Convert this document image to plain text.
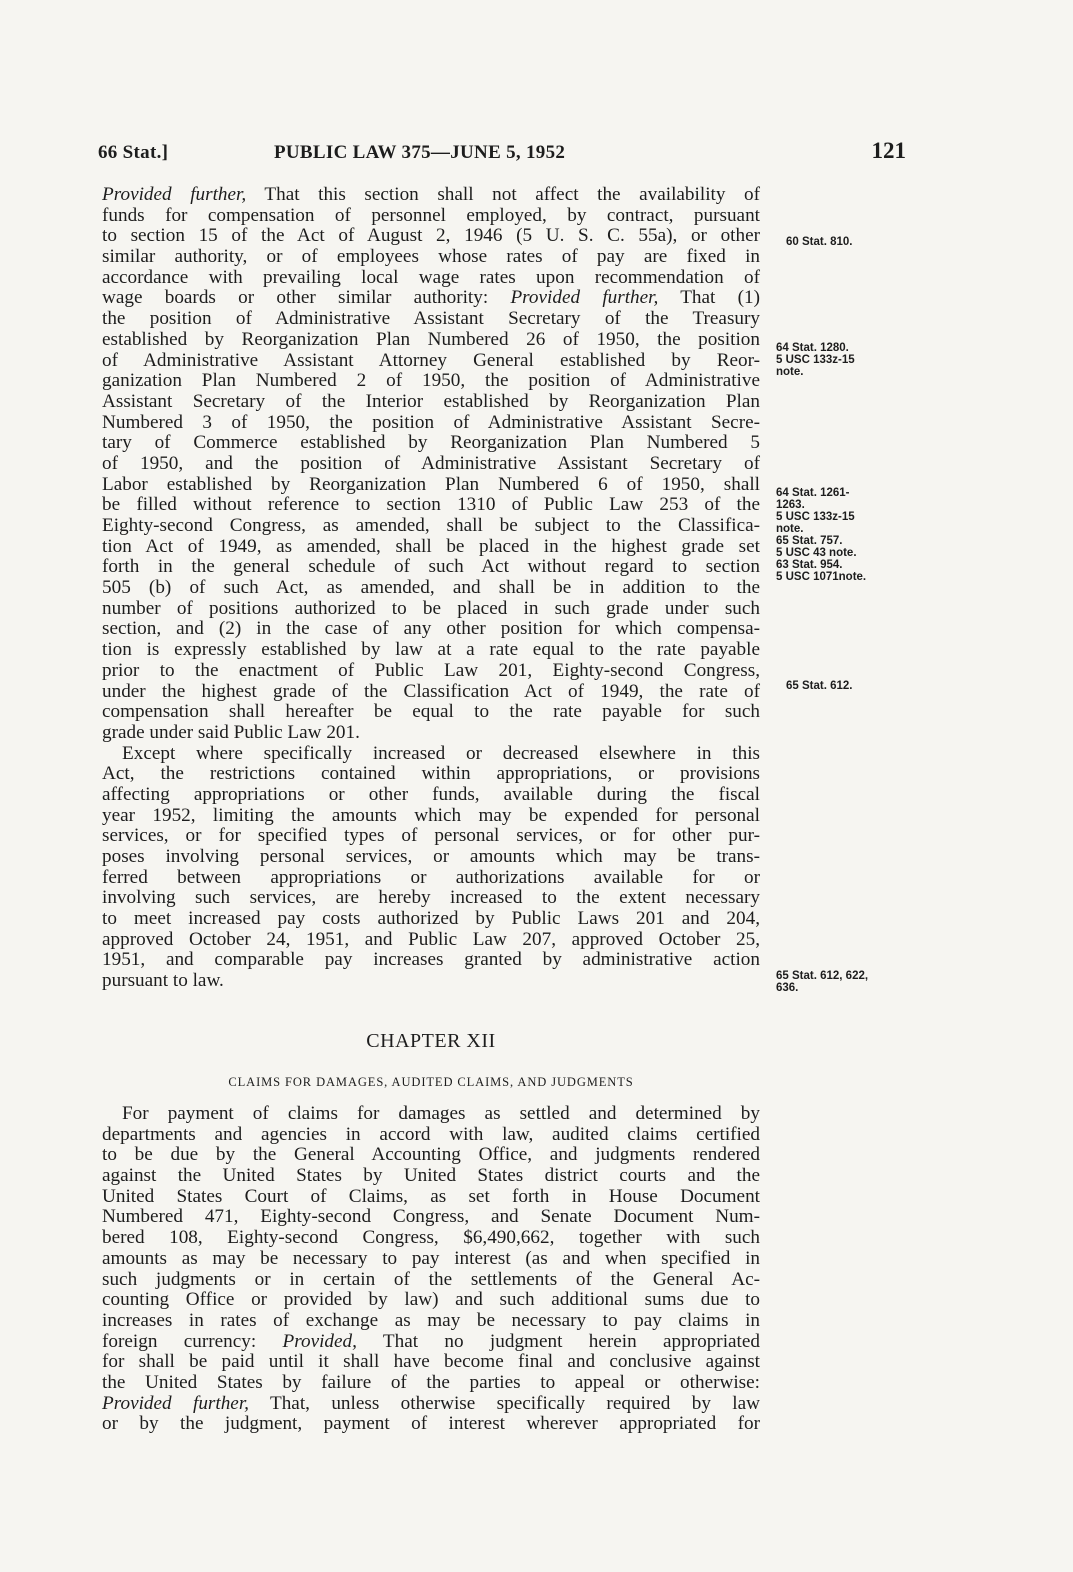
66 Stat.]	PUBLIC LAW 375—JUNE 5, 1952	121
Provided further, That this section shall not affect the availability of
funds for compensation of personnel employed, by contract, pursuant
to section 15 of the Act of August 2, 1946 (5 U. S. C. 55a), or other
similar authority, or of employees whose rates of pay are fixed in
accordance with prevailing local wage rates upon recommendation of
wage boards or other similar authority: Provided further, That (1)
the position of Administrative Assistant Secretary of the Treasury
established by Reorganization Plan Numbered 26 of 1950, the position
of Administrative Assistant Attorney General established by Reor-
ganization Plan Numbered 2 of 1950, the position of Administrative
Assistant Secretary of the Interior established by Reorganization Plan
Numbered 3 of 1950, the position of Administrative Assistant Secre-
tary of Commerce established by Reorganization Plan Numbered 5
of 1950, and the position of Administrative Assistant Secretary of
Labor established by Reorganization Plan Numbered 6 of 1950, shall
be filled without reference to section 1310 of Public Law 253 of the
Eighty-second Congress, as amended, shall be subject to the Classifica-
tion Act of 1949, as amended, shall be placed in the highest grade set
forth in the general schedule of such Act without regard to section
505 (b) of such Act, as amended, and shall be in addition to the
number of positions authorized to be placed in such grade under such
section, and (2) in the case of any other position for which compensa-
tion is expressly established by law at a rate equal to the rate payable
prior to the enactment of Public Law 201, Eighty-second Congress,
under the highest grade of the Classification Act of 1949, the rate of
compensation shall hereafter be equal to the rate payable for such
grade under said Public Law 201.
Except where specifically increased or decreased elsewhere in this
Act, the restrictions contained within appropriations, or provisions
affecting appropriations or other funds, available during the fiscal
year 1952, limiting the amounts which may be expended for personal
services, or for specified types of personal services, or for other pur-
poses involving personal services, or amounts which may be trans-
ferred between appropriations or authorizations available for or
involving such services, are hereby increased to the extent necessary
to meet increased pay costs authorized by Public Laws 201 and 204,
approved October 24, 1951, and Public Law 207, approved October 25,
1951, and comparable pay increases granted by administrative action
pursuant to law.
CHAPTER XII
CLAIMS FOR DAMAGES, AUDITED CLAIMS, AND JUDGMENTS
For payment of claims for damages as settled and determined by
departments and agencies in accord with law, audited claims certified
to be due by the General Accounting Office, and judgments rendered
against the United States by United States district courts and the
United States Court of Claims, as set forth in House Document
Numbered 471, Eighty-second Congress, and Senate Document Num-
bered 108, Eighty-second Congress, $6,490,662, together with such
amounts as may be necessary to pay interest (as and when specified in
such judgments or in certain of the settlements of the General Ac-
counting Office or provided by law) and such additional sums due to
increases in rates of exchange as may be necessary to pay claims in
foreign currency: Provided, That no judgment herein appropriated
for shall be paid until it shall have become final and conclusive against
the United States by failure of the parties to appeal or otherwise:
Provided further, That, unless otherwise specifically required by law
or by the judgment, payment of interest wherever appropriated for
60 Stat. 810.
64 Stat. 1280.
5 USC 133z-15
note.
64 Stat. 1261-
1263.
5 USC 133z-15
note.
65 Stat. 757.
5 USC 43 note.
63 Stat. 954.
5 USC 1071note.
65 Stat. 612.
65 Stat. 612, 622,
636.
